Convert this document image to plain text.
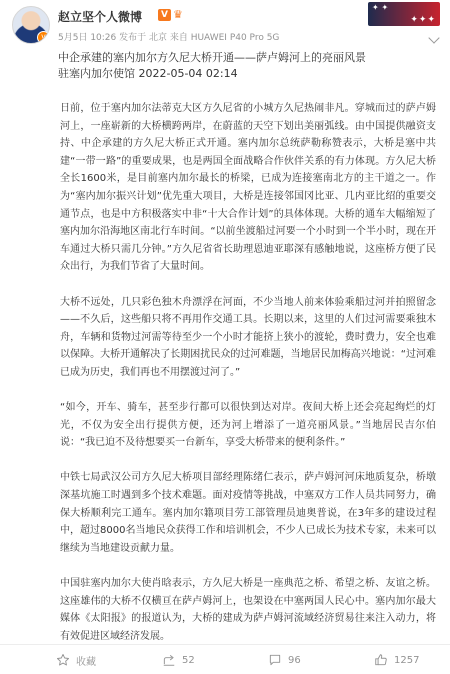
v
赵立坚个人微博	V ♛
5月5日 10:26 发布于 北京 来自 HUAWEI P40 Pro 5G
✦ ✦
✦✦✦
中企承建的塞内加尔方久尼大桥开通——萨卢姆河上的亮丽风景
驻塞内加尔使馆 2022-05-04 02:14
日前，位于塞内加尔法蒂克大区方久尼省的小城方久尼热闹非凡。穿城而过的萨卢姆河上，一座崭新的大桥横跨两岸，在蔚蓝的天空下划出美丽弧线。由中国提供融资支持、中企承建的方久尼大桥正式开通。塞内加尔总统萨勒称赞表示，大桥是塞中共建“一带一路”的重要成果，也是两国全面战略合作伙伴关系的有力体现。方久尼大桥全长1600米，是目前塞内加尔最长的桥梁，已成为连接塞南北方的主干道之一。作为“塞内加尔振兴计划”优先重大项目，大桥是连接邻国冈比亚、几内亚比绍的重要交通节点，也是中方积极落实中非“十大合作计划”的具体体现。大桥的通车大幅缩短了塞内加尔沿海地区南北行车时间。“以前坐渡船过河要一个小时到一个半小时，现在开车通过大桥只需几分钟。”方久尼省省长助理恩迪亚耶深有感触地说，这座桥方便了民众出行，为我们节省了大量时间。
大桥不远处，几只彩色独木舟漂浮在河面，不少当地人前来体验乘船过河并拍照留念——不久后，这些船只将不再用作交通工具。长期以来，这里的人们过河需要乘独木舟，车辆和货物过河需等待至少一个小时才能挤上狭小的渡轮，费时费力，安全也难以保障。大桥开通解决了长期困扰民众的过河难题，当地居民加梅高兴地说：“过河难已成为历史，我们再也不用摆渡过河了。”
“如今，开车、骑车，甚至步行都可以很快到达对岸。夜间大桥上还会亮起绚烂的灯光，不仅为安全出行提供方便，还为河上增添了一道亮丽风景。”当地居民吉尔伯说：“我已迫不及待想要买一台新车，享受大桥带来的便利条件。”
中铁七局武汉公司方久尼大桥项目部经理陈绪仁表示，萨卢姆河河床地质复杂，桥墩深基坑施工时遇到多个技术难题。面对疫情等挑战，中塞双方工作人员共同努力，确保大桥顺利完工通车。塞内加尔籍项目劳工部管理员迪奥普说，在3年多的建设过程中，超过8000名当地民众获得工作和培训机会，不少人已成长为技术专家，未来可以继续为当地建设贡献力量。
中国驻塞内加尔大使肖晗表示，方久尼大桥是一座典范之桥、希望之桥、友谊之桥。这座雄伟的大桥不仅横亘在萨卢姆河上，也架设在中塞两国人民心中。塞内加尔最大媒体《太阳报》的报道认为，大桥的建成为萨卢姆河流域经济贸易往来注入动力，将有效促进区域经济发展。
收藏	52	96	1257
